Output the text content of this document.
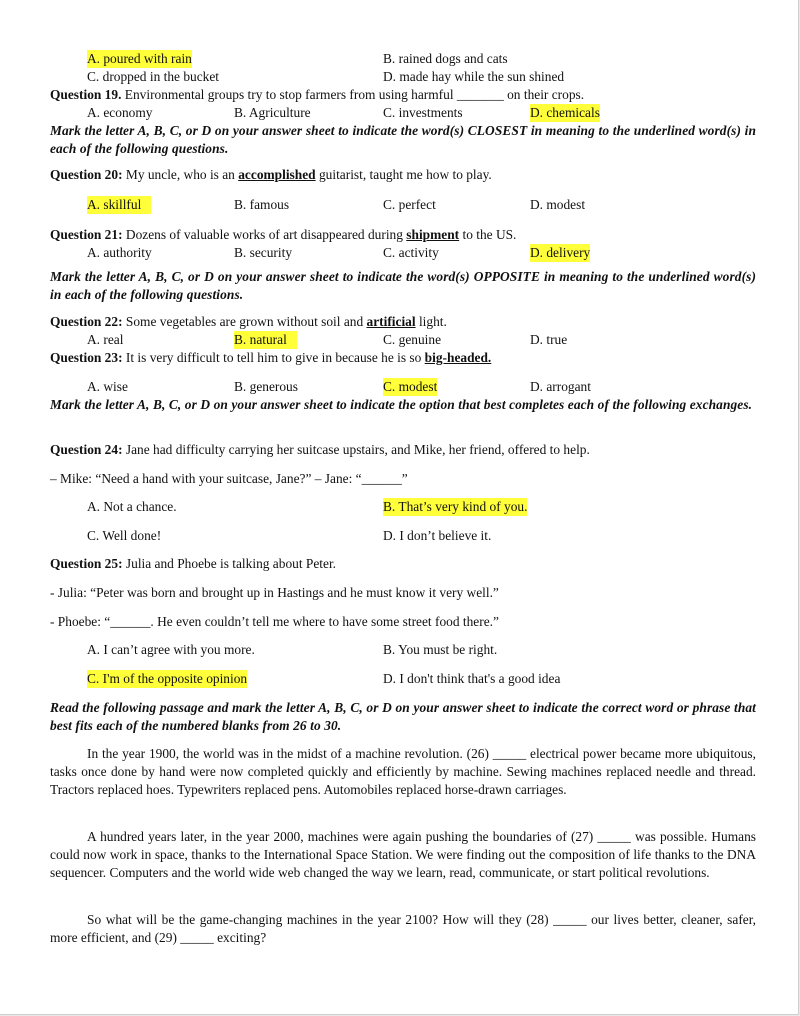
A. poured with rain	B. rained dogs and cats
C. dropped in the bucket	D. made hay while the sun shined
Question 19. Environmental groups try to stop farmers from using harmful _______ on their crops.
A. economy	B. Agriculture	C. investments	D. chemicals
Mark the letter A, B, C, or D on your answer sheet to indicate the word(s) CLOSEST in meaning to the underlined word(s) in each of the following questions.
Question 20: My uncle, who is an accomplished guitarist, taught me how to play.
A. skillful	B. famous	C. perfect	D. modest
Question 21: Dozens of valuable works of art disappeared during shipment to the US.
A. authority	B. security	C. activity	D. delivery
Mark the letter A, B, C, or D on your answer sheet to indicate the word(s) OPPOSITE in meaning to the underlined word(s) in each of the following questions.
Question 22: Some vegetables are grown without soil and artificial light.
A. real	B. natural	C. genuine	D. true
Question 23: It is very difficult to tell him to give in because he is so big-headed.
A. wise	B. generous	C. modest	D. arrogant
Mark the letter A, B, C, or D on your answer sheet to indicate the option that best completes each of the following exchanges.
Question 24: Jane had difficulty carrying her suitcase upstairs, and Mike, her friend, offered to help.
– Mike: “Need a hand with your suitcase, Jane?” – Jane: “______”
A. Not a chance.	B. That’s very kind of you.
C. Well done!	D. I don’t believe it.
Question 25: Julia and Phoebe is talking about Peter.
- Julia: “Peter was born and brought up in Hastings and he must know it very well.”
- Phoebe: “______. He even couldn’t tell me where to have some street food there.”
A. I can’t agree with you more.	B. You must be right.
C. I'm of the opposite opinion	D. I don't think that's a good idea
Read the following passage and mark the letter A, B, C, or D on your answer sheet to indicate the correct word or phrase that best fits each of the numbered blanks from 26 to 30.
In the year 1900, the world was in the midst of a machine revolution. (26) _____ electrical power became more ubiquitous, tasks once done by hand were now completed quickly and efficiently by machine. Sewing machines replaced needle and thread. Tractors replaced hoes. Typewriters replaced pens. Automobiles replaced horse-drawn carriages.
A hundred years later, in the year 2000, machines were again pushing the boundaries of (27) _____ was possible. Humans could now work in space, thanks to the International Space Station. We were finding out the composition of life thanks to the DNA sequencer. Computers and the world wide web changed the way we learn, read, communicate, or start political revolutions.
So what will be the game-changing machines in the year 2100? How will they (28) _____ our lives better, cleaner, safer, more efficient, and (29) _____ exciting?
